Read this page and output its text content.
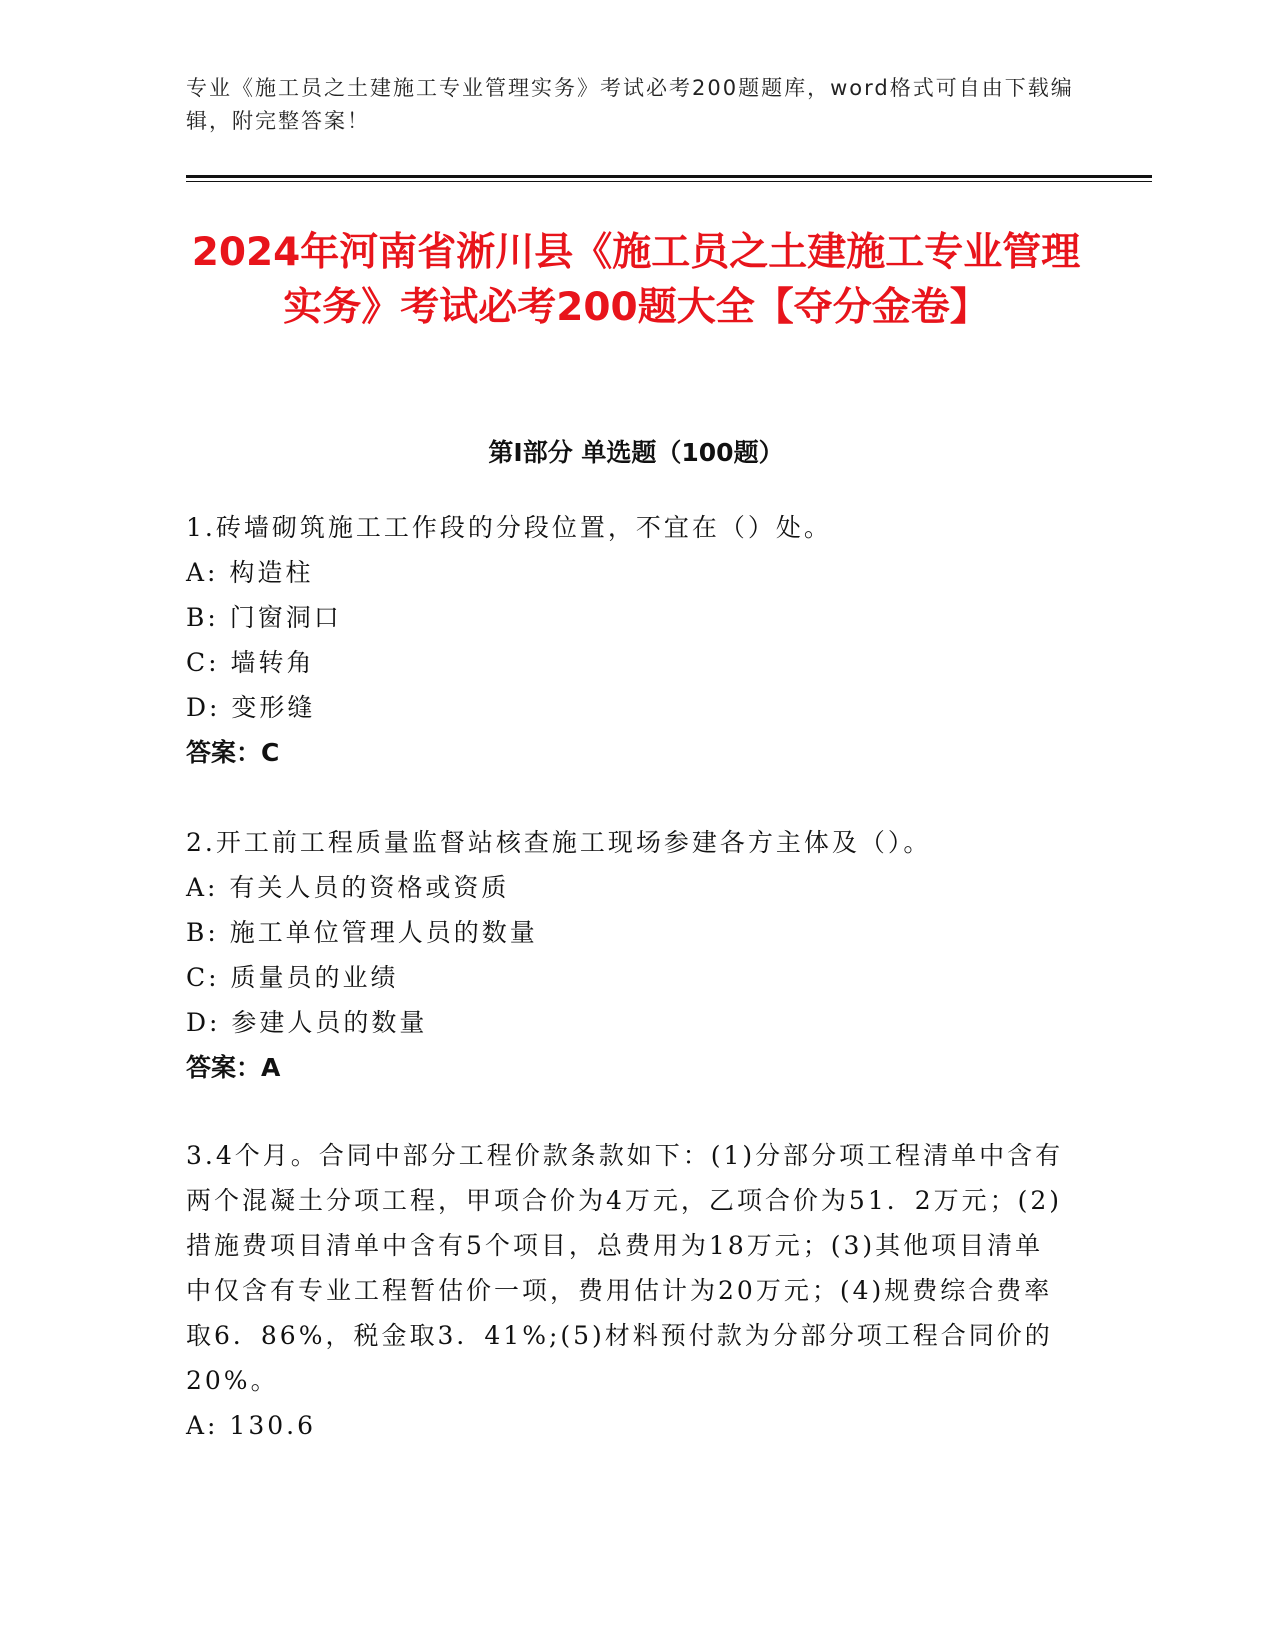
专业《施工员之土建施工专业管理实务》考试必考200题题库，word格式可自由下载编辑，附完整答案！
2024年河南省淅川县《施工员之土建施工专业管理实务》考试必考200题大全【夺分金卷】
第I部分 单选题（100题）
1.砖墙砌筑施工工作段的分段位置，不宜在（）处。
A: 构造柱
B: 门窗洞口
C: 墙转角
D: 变形缝
答案：C
2.开工前工程质量监督站核查施工现场参建各方主体及（）。
A: 有关人员的资格或资质
B: 施工单位管理人员的数量
C: 质量员的业绩
D: 参建人员的数量
答案：A
3.4个月。合同中部分工程价款条款如下：(1)分部分项工程清单中含有两个混凝土分项工程，甲项合价为4万元，乙项合价为51．2万元；(2)措施费项目清单中含有5个项目，总费用为18万元；(3)其他项目清单中仅含有专业工程暂估价一项，费用估计为20万元；(4)规费综合费率取6．86%，税金取3．41%;(5)材料预付款为分部分项工程合同价的20%。
A: 130.6
